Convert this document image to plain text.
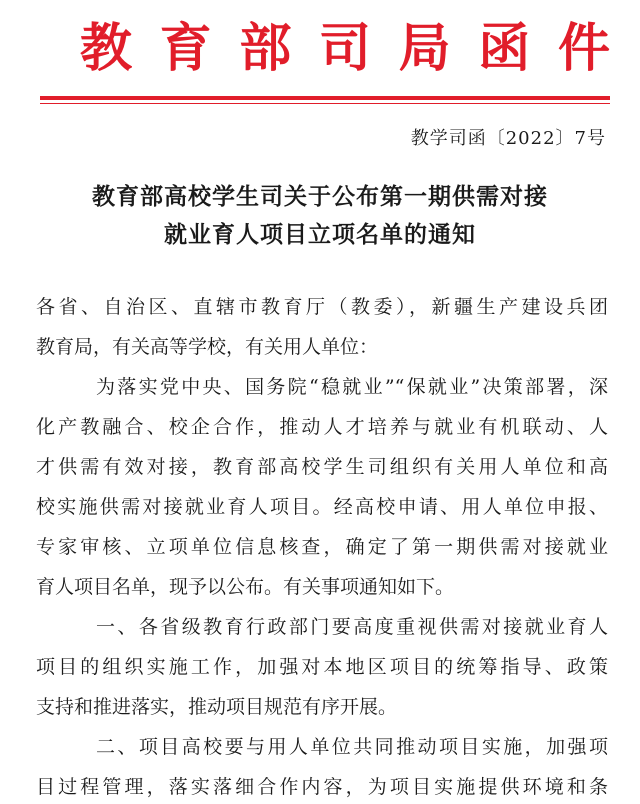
教 育 部 司 局 函 件
教学司函〔2022〕7号
教育部高校学生司关于公布第一期供需对接
就业育人项目立项名单的通知
各省、自治区、直辖市教育厅（教委），新疆生产建设兵团
教育局，有关高等学校，有关用人单位：
为落实党中央、国务院“稳就业”“保就业”决策部署，深
化产教融合、校企合作，推动人才培养与就业有机联动、人
才供需有效对接，教育部高校学生司组织有关用人单位和高
校实施供需对接就业育人项目。经高校申请、用人单位申报、
专家审核、立项单位信息核查，确定了第一期供需对接就业
育人项目名单，现予以公布。有关事项通知如下。
一、各省级教育行政部门要高度重视供需对接就业育人
项目的组织实施工作，加强对本地区项目的统筹指导、政策
支持和推进落实，推动项目规范有序开展。
二、项目高校要与用人单位共同推动项目实施，加强项
目过程管理，落实落细合作内容，为项目实施提供环境和条
